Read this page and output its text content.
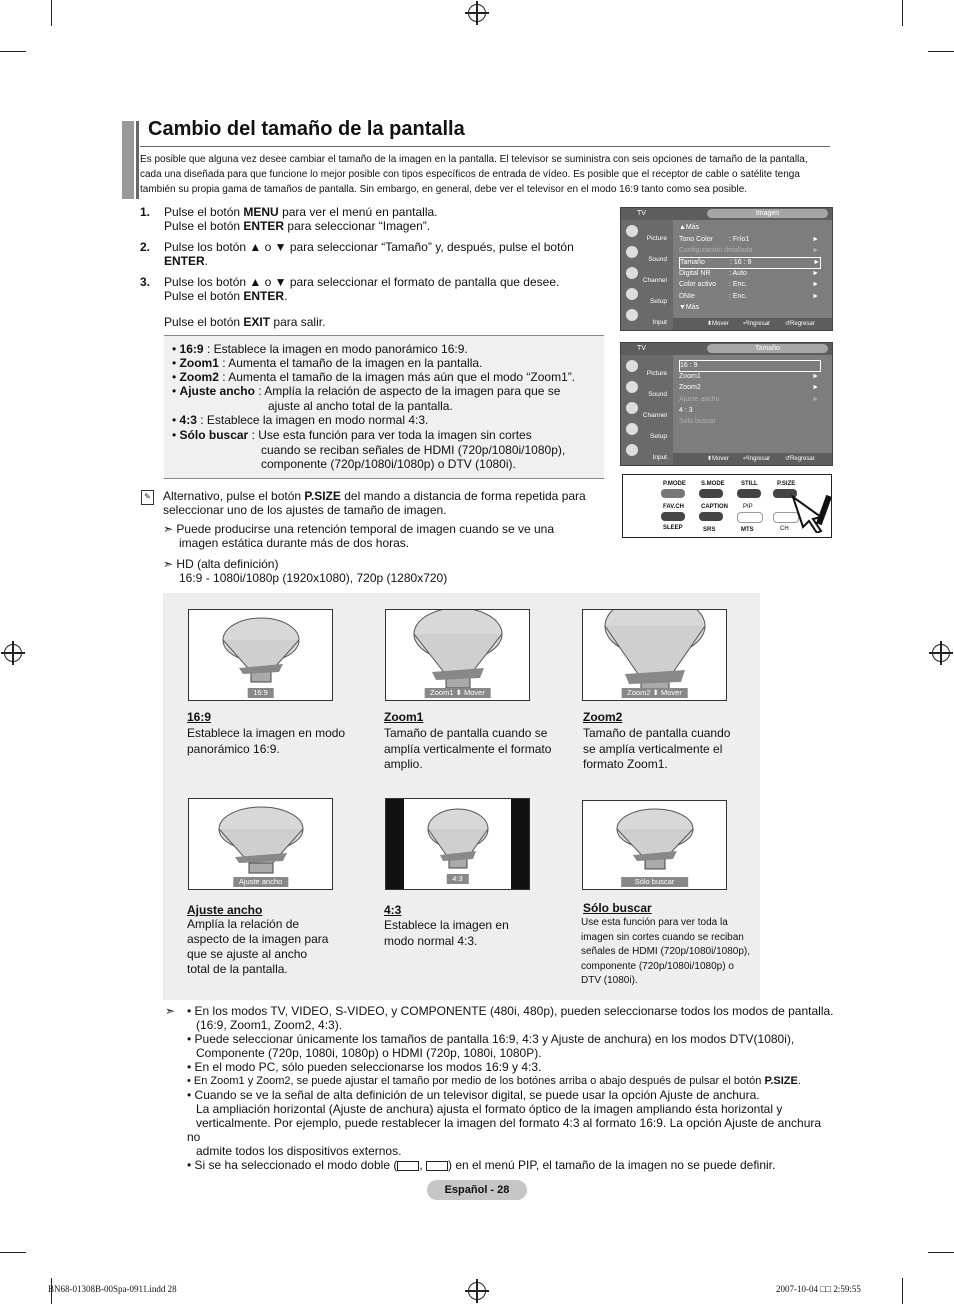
Cambio del tamaño de la pantalla
Es posible que alguna vez desee cambiar el tamaño de la imagen en la pantalla. El televisor se suministra con seis opciones de tamaño de la pantalla, cada una diseñada para que funcione lo mejor posible con tipos específicos de entrada de vídeo. Es posible que el receptor de cable o satélite tenga también su propia gama de tamaños de pantalla. Sin embargo, en general, debe ver el televisor en el modo 16:9 tanto como sea posible.
1. Pulse el botón MENU para ver el menú en pantalla.
Pulse el botón ENTER para seleccionar “Imagen”.
2. Pulse los botón ▲ o ▼ para seleccionar “Tamaño” y, después, pulse el botón ENTER.
3. Pulse los botón ▲ o ▼ para seleccionar el formato de pantalla que desee.
Pulse el botón ENTER.
Pulse el botón EXIT para salir.
• 16:9 : Establece la imagen en modo panorámico 16:9.
• Zoom1 : Aumenta el tamaño de la imagen en la pantalla.
• Zoom2 : Aumenta el tamaño de la imagen más aún que el modo “Zoom1”.
• Ajuste ancho : Amplía la relación de aspecto de la imagen para que se
ajuste al ancho total de la pantalla.
• 4:3 : Establece la imagen en modo normal 4:3.
• Sólo buscar : Use esta función para ver toda la imagen sin cortes
cuando se reciban señales de HDMI (720p/1080i/1080p),
componente (720p/1080i/1080p) o DTV (1080i).
✎ Alternativo, pulse el botón P.SIZE del mando a distancia de forma repetida para
seleccionar uno de los ajustes de tamaño de imagen.
➣ Puede producirse una retención temporal de imagen cuando se ve una
imagen estática durante más de dos horas.
➣ HD (alta definición)
16:9 - 1080i/1080p (1920x1080), 720p (1280x720)
TV	Imagen
Picture
Sound
Channel
Setup
Input
▲Más
Tono Color : Frío1	►
Configuración detallada	►
Tamaño	: 16 : 9	►
Digital NR	: Auto	►
Color activo : Enc.	►
DNIe	: Enc.	►
▼Más
⬍ Mover ⏎ Ingresar ↺ Regresar
TV	Tamaño
Picture
Sound
Channel
Setup
Input
16 : 9
Zoom1	►
Zoom2	►
Ajuste ancho	►
4 : 3
Sólo buscar
⬍ Mover ⏎ Ingresar ↺ Regresar
P.MODE	S.MODE	STILL	P.SIZE
FAV.CH	CAPTION	PIP
SLEEP	SRS	MTS	CH
16:9	Zoom1 ⬍ Mover	Zoom2 ⬍ Mover
16:9
Establece la imagen en modo
panorámico 16:9.
Zoom1
Tamaño de pantalla cuando se
amplía verticalmente el formato
amplio.
Zoom2
Tamaño de pantalla cuando
se amplía verticalmente el
formato Zoom1.
Ajuste ancho	4:3	Sólo buscar
Ajuste ancho
Amplía la relación de
aspecto de la imagen para
que se ajuste al ancho
total de la pantalla.
4:3
Establece la imagen en
modo normal 4:3.
Sólo buscar
Use esta función para ver toda la
imagen sin cortes cuando se reciban
señales de HDMI (720p/1080i/1080p),
componente (720p/1080i/1080p) o
DTV (1080i).
➣ • En los modos TV, VIDEO, S-VIDEO, y COMPONENTE (480i, 480p), pueden seleccionarse todos los modos de pantalla.
(16:9, Zoom1, Zoom2, 4:3).
• Puede seleccionar únicamente los tamaños de pantalla 16:9, 4:3 y Ajuste de anchura) en los modos DTV(1080i),
Componente (720p, 1080i, 1080p) o HDMI (720p, 1080i, 1080P).
• En el modo PC, sólo pueden seleccionarse los modos 16:9 y 4:3.
• En Zoom1 y Zoom2, se puede ajustar el tamaño por medio de los botónes arriba o abajo después de pulsar el botón P.SIZE.
• Cuando se ve la señal de alta definición de un televisor digital, se puede usar la opción Ajuste de anchura.
La ampliación horizontal (Ajuste de anchura) ajusta el formato óptico de la imagen ampliando ésta horizontal y
verticalmente. Por ejemplo, puede restablecer la imagen del formato 4:3 al formato 16:9. La opción Ajuste de anchura no
admite todos los dispositivos externos.
• Si se ha seleccionado el modo doble ( , ) en el menú PIP, el tamaño de la imagen no se puede definir.
Español - 28
BN68-01308B-00Spa-0911.indd 28	2007-10-04 □□ 2:59:55
